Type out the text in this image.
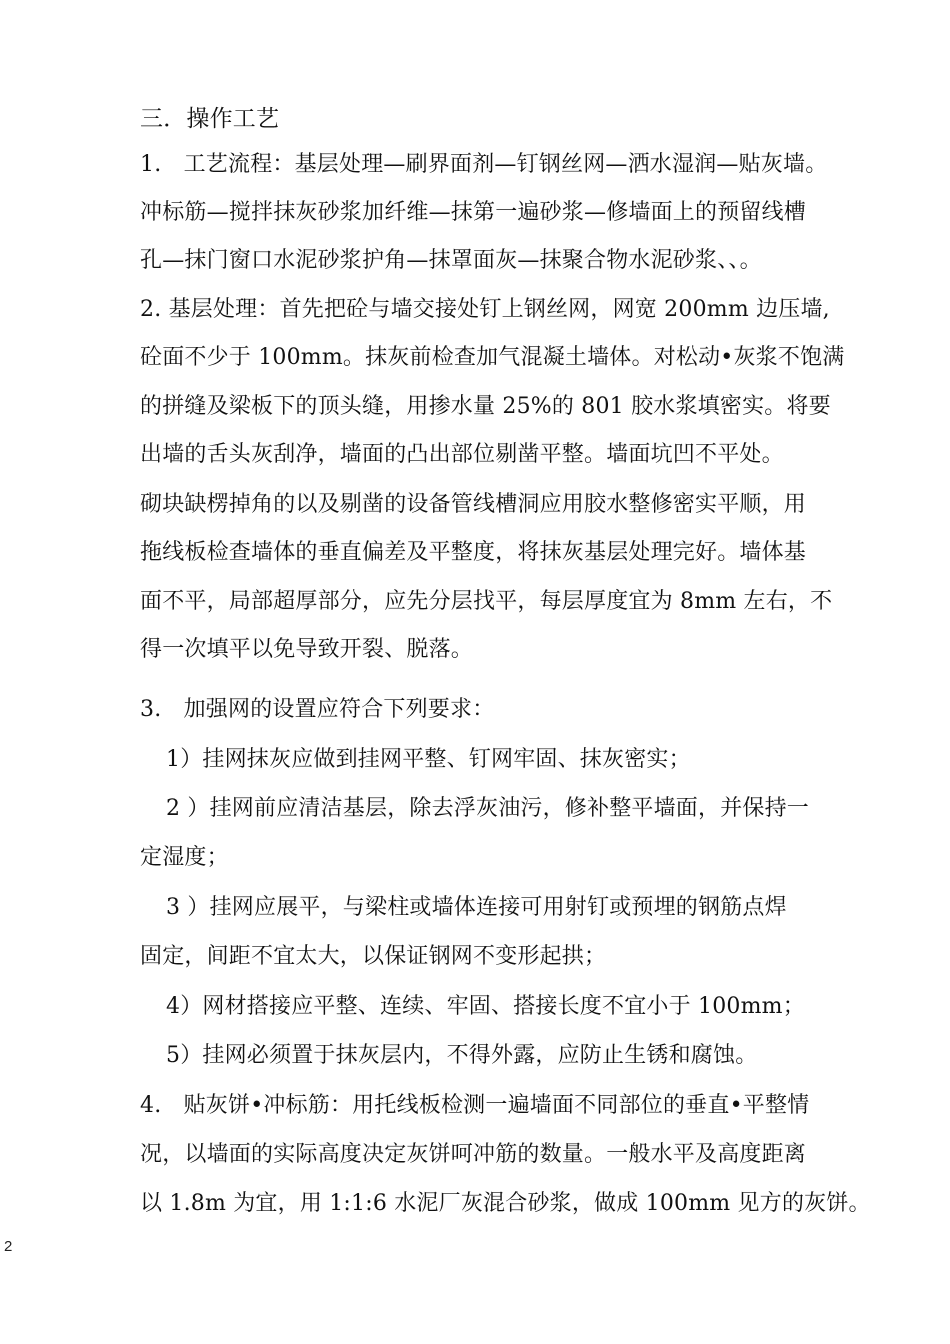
三．操作工艺

1.　工艺流程：基层处理—刷界面剂—钉钢丝网—洒水湿润—贴灰墙。

冲标筋—搅拌抹灰砂浆加纤维—抹第一遍砂浆—修墙面上的预留线槽

孔—抹门窗口水泥砂浆护角—抹罩面灰—抹聚合物水泥砂浆、、。

2. 基层处理：首先把砼与墙交接处钉上钢丝网，网宽 200mm 边压墙,

砼面不少于 100mm。抹灰前检查加气混凝土墙体。对松动•灰浆不饱满

的拼缝及梁板下的顶头缝，用掺水量 25%的 801 胶水浆填密实。将要

出墙的舌头灰刮净，墙面的凸出部位剔凿平整。墙面坑凹不平处。

砌块缺楞掉角的以及剔凿的设备管线槽洞应用胶水整修密实平顺，用

拖线板检查墙体的垂直偏差及平整度，将抹灰基层处理完好。墙体基

面不平，局部超厚部分，应先分层找平，每层厚度宜为 8mm 左右，不

得一次填平以免导致开裂、脱落。

3.　加强网的设置应符合下列要求：

1）挂网抹灰应做到挂网平整、钉网牢固、抹灰密实；

2 ）挂网前应清洁基层，除去浮灰油污，修补整平墙面，并保持一

定湿度；

3 ）挂网应展平，与梁柱或墙体连接可用射钉或预埋的钢筋点焊

固定，间距不宜太大，以保证钢网不变形起拱；

4）网材搭接应平整、连续、牢固、搭接长度不宜小于 100mm；

5）挂网必须置于抹灰层内，不得外露，应防止生锈和腐蚀。

4.　贴灰饼•冲标筋：用托线板检测一遍墙面不同部位的垂直•平整情

况，以墙面的实际高度决定灰饼呵冲筋的数量。一般水平及高度距离

以 1.8m 为宜，用 1:1:6 水泥厂灰混合砂浆，做成 100mm 见方的灰饼。

2
